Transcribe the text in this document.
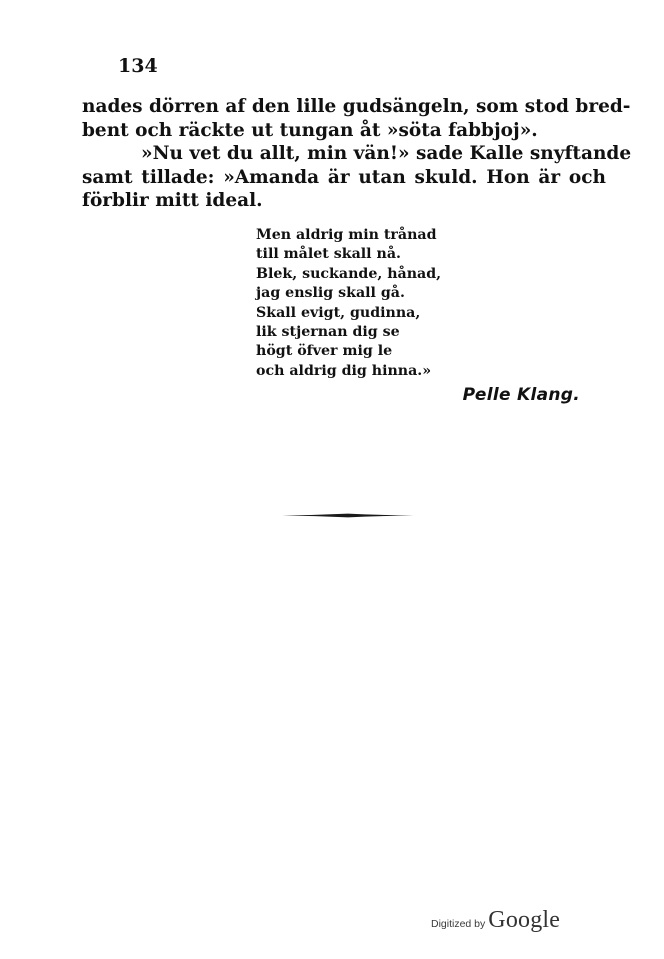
134
nades dörren af den lille gudsängeln, som stod bred-
bent och räckte ut tungan åt »söta fabbjoj».
»Nu vet du allt, min vän!» sade Kalle snyftande
samt tillade: »Amanda är utan skuld. Hon är och
förblir mitt ideal.
Men aldrig min trånad
till målet skall nå.
Blek, suckande, hånad,
jag enslig skall gå.
Skall evigt, gudinna,
lik stjernan dig se
högt öfver mig le
och aldrig dig hinna.»
Pelle Klang.
Digitized by Google
